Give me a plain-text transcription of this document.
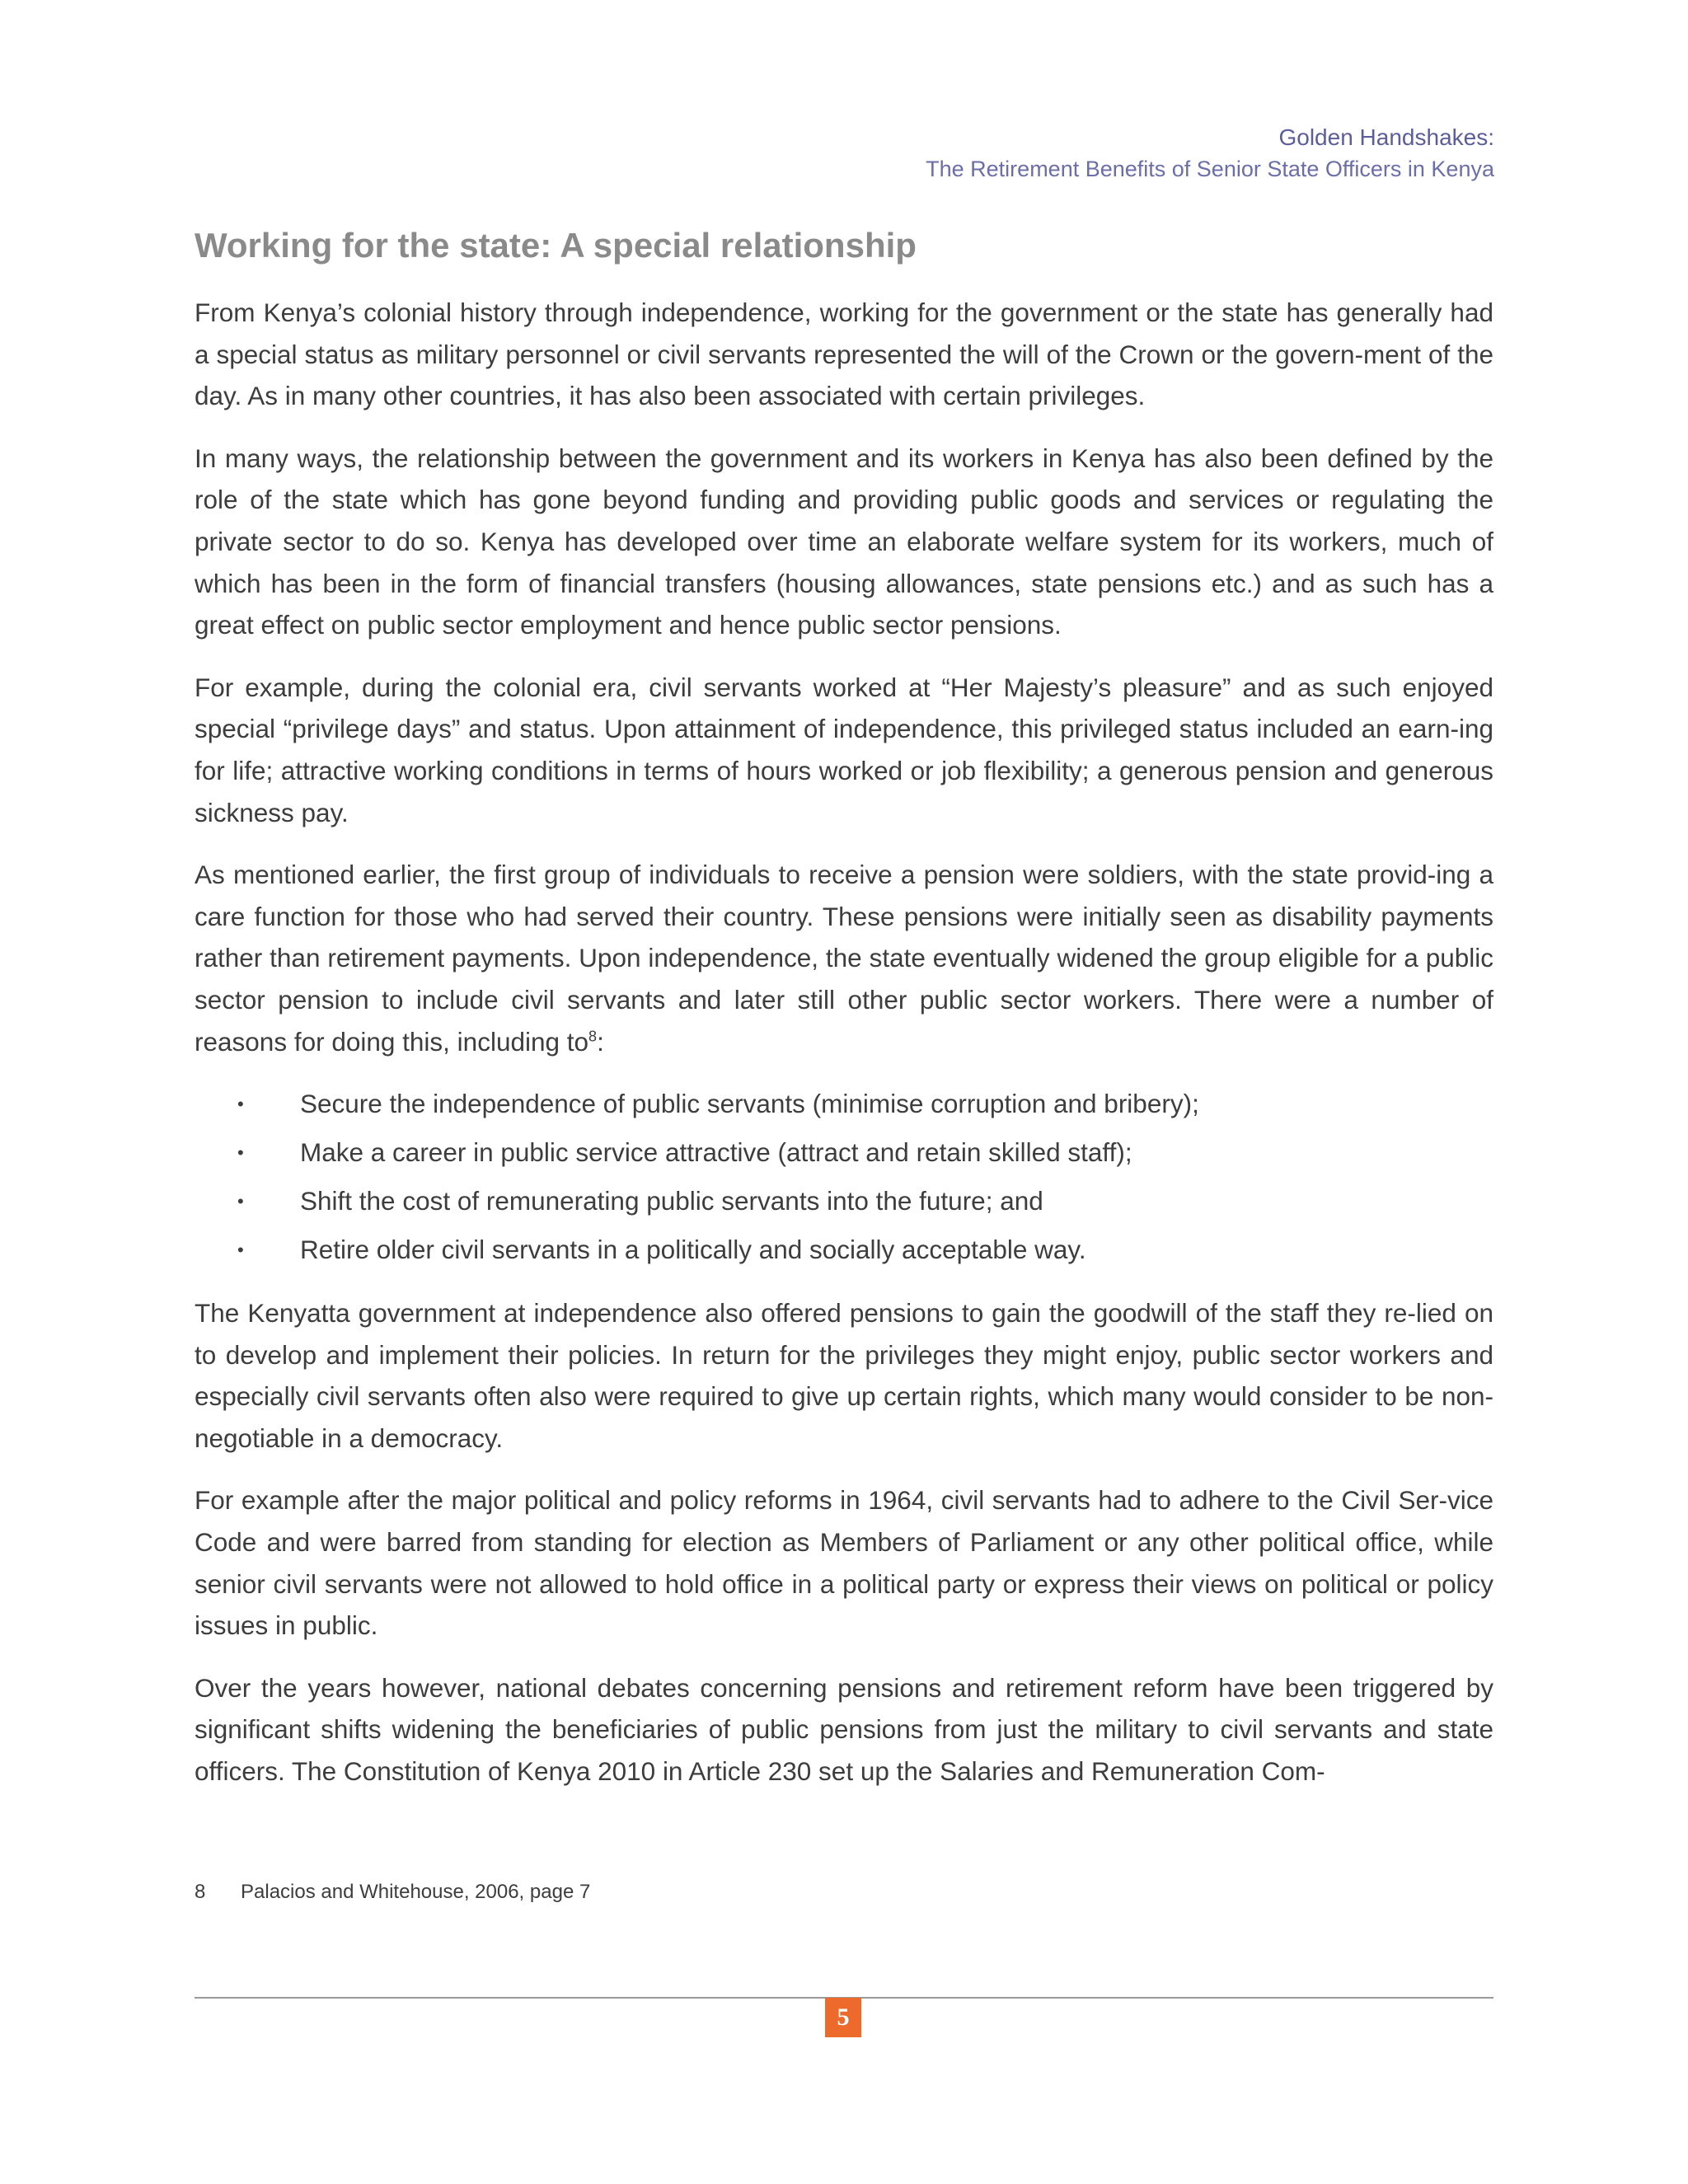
Golden Handshakes:
The Retirement Benefits of Senior State Officers in Kenya
Working for the state: A special relationship

From Kenya’s colonial history through independence, working for the government or the state has generally had a special status as military personnel or civil servants represented the will of the Crown or the govern-ment of the day. As in many other countries, it has also been associated with certain privileges.

In many ways, the relationship between the government and its workers in Kenya has also been defined by the role of the state which has gone beyond funding and providing public goods and services or regulating the private sector to do so. Kenya has developed over time an elaborate welfare system for its workers, much of which has been in the form of financial transfers (housing allowances, state pensions etc.) and as such has a great effect on public sector employment and hence public sector pensions.

For example, during the colonial era, civil servants worked at “Her Majesty’s pleasure” and as such enjoyed special “privilege days” and status. Upon attainment of independence, this privileged status included an earn-ing for life; attractive working conditions in terms of hours worked or job flexibility; a generous pension and generous sickness pay.

As mentioned earlier, the first group of individuals to receive a pension were soldiers, with the state provid-ing a care function for those who had served their country. These pensions were initially seen as disability payments rather than retirement payments. Upon independence, the state eventually widened the group eligible for a public sector pension to include civil servants and later still other public sector workers. There were a number of reasons for doing this, including $to^8$:

• Secure the independence of public servants (minimise corruption and bribery);
• Make a career in public service attractive (attract and retain skilled staff);
• Shift the cost of remunerating public servants into the future; and
• Retire older civil servants in a politically and socially acceptable way.

The Kenyatta government at independence also offered pensions to gain the goodwill of the staff they re-lied on to develop and implement their policies. In return for the privileges they might enjoy, public sector workers and especially civil servants often also were required to give up certain rights, which many would consider to be non-negotiable in a democracy.

For example after the major political and policy reforms in 1964, civil servants had to adhere to the Civil Ser-vice Code and were barred from standing for election as Members of Parliament or any other political office, while senior civil servants were not allowed to hold office in a political party or express their views on political or policy issues in public.

Over the years however, national debates concerning pensions and retirement reform have been triggered by significant shifts widening the beneficiaries of public pensions from just the military to civil servants and state officers. The Constitution of Kenya 2010 in Article 230 set up the Salaries and Remuneration Com-

8 Palacios and Whitehouse, 2006, page 7
5
